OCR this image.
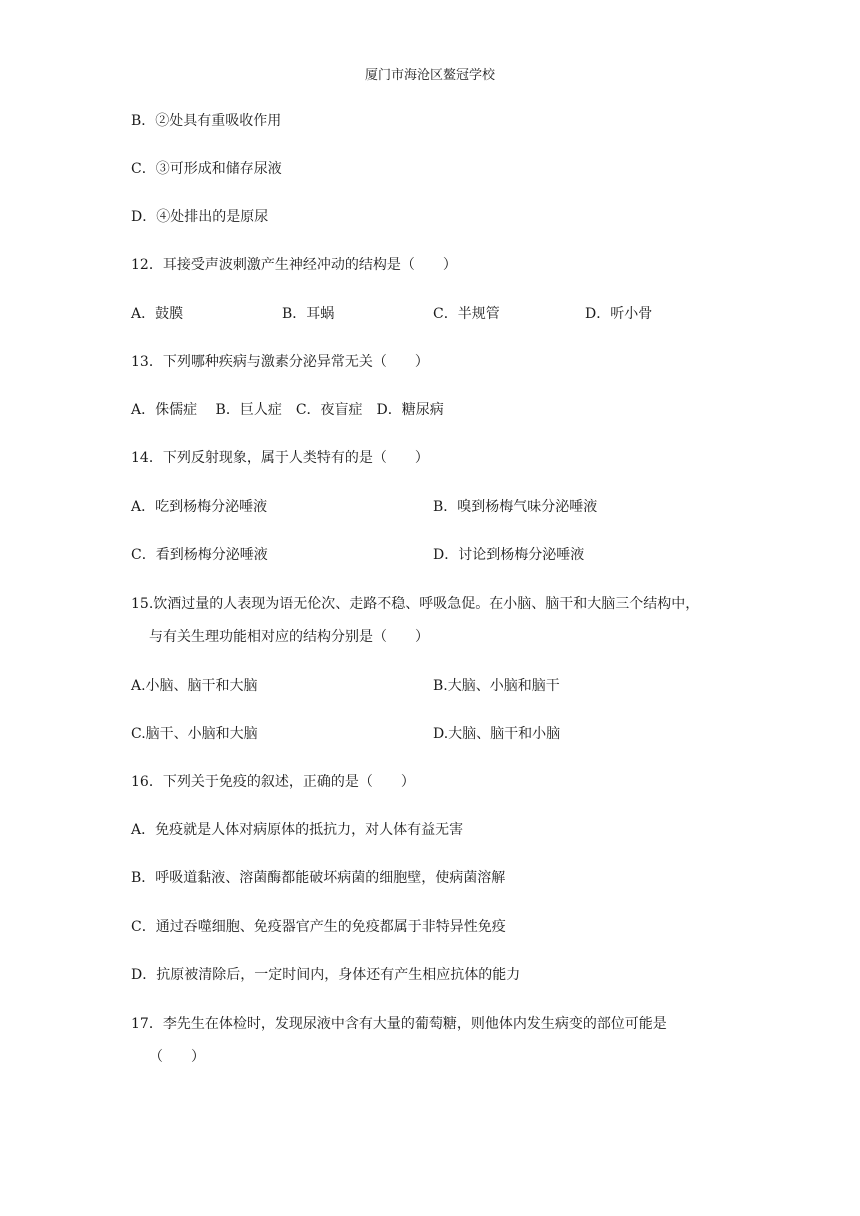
厦门市海沧区鳌冠学校
B．②处具有重吸收作用
C．③可形成和储存尿液
D．④处排出的是原尿
12．耳接受声波刺激产生神经冲动的结构是（　　）
A．鼓膜	B．耳蜗	C．半规管	D．听小骨
13．下列哪种疾病与激素分泌异常无关（　　）
A．侏儒症　 B．巨人症　C．夜盲症　D．糖尿病
14．下列反射现象，属于人类特有的是（　　）
A．吃到杨梅分泌唾液	B．嗅到杨梅气味分泌唾液
C．看到杨梅分泌唾液	D．讨论到杨梅分泌唾液
15.饮酒过量的人表现为语无伦次、走路不稳、呼吸急促。在小脑、脑干和大脑三个结构中，
与有关生理功能相对应的结构分别是（　　）
A.小脑、脑干和大脑	B.大脑、小脑和脑干
C.脑干、小脑和大脑	D.大脑、脑干和小脑
16．下列关于免疫的叙述，正确的是（　　）
A．免疫就是人体对病原体的抵抗力，对人体有益无害
B．呼吸道黏液、溶菌酶都能破坏病菌的细胞壁，使病菌溶解
C．通过吞噬细胞、免疫器官产生的免疫都属于非特异性免疫
D．抗原被清除后，一定时间内，身体还有产生相应抗体的能力
17．李先生在体检时，发现尿液中含有大量的葡萄糖，则他体内发生病变的部位可能是
（　　）
